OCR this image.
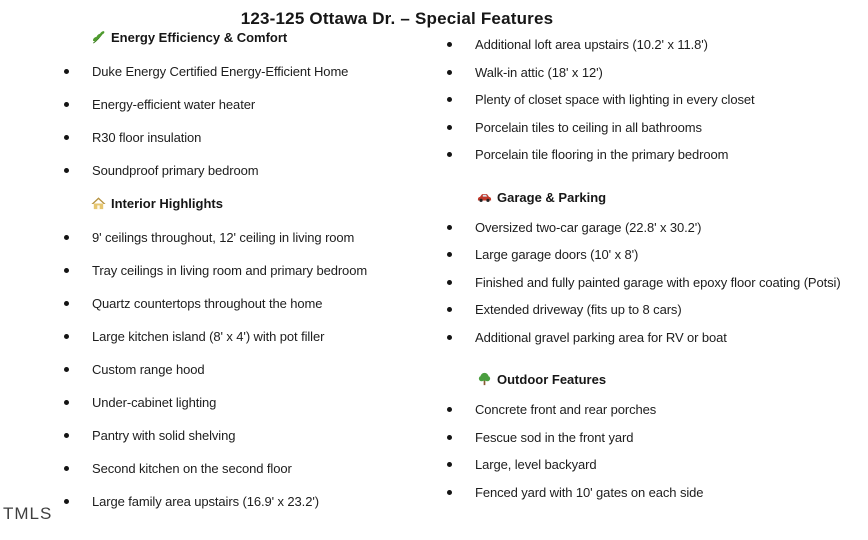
123-125 Ottawa Dr. – Special Features
Energy Efficiency & Comfort
Duke Energy Certified Energy-Efficient Home
Energy-efficient water heater
R30 floor insulation
Soundproof primary bedroom
Interior Highlights
9' ceilings throughout, 12' ceiling in living room
Tray ceilings in living room and primary bedroom
Quartz countertops throughout the home
Large kitchen island (8' x 4') with pot filler
Custom range hood
Under-cabinet lighting
Pantry with solid shelving
Second kitchen on the second floor
Large family area upstairs (16.9' x 23.2')
Additional loft area upstairs (10.2' x 11.8')
Walk-in attic (18' x 12')
Plenty of closet space with lighting in every closet
Porcelain tiles to ceiling in all bathrooms
Porcelain tile flooring in the primary bedroom
Garage & Parking
Oversized two-car garage (22.8' x 30.2')
Large garage doors (10' x 8')
Finished and fully painted garage with epoxy floor coating (Potsi)
Extended driveway (fits up to 8 cars)
Additional gravel parking area for RV or boat
Outdoor Features
Concrete front and rear porches
Fescue sod in the front yard
Large, level backyard
Fenced yard with 10' gates on each side
TMLS
